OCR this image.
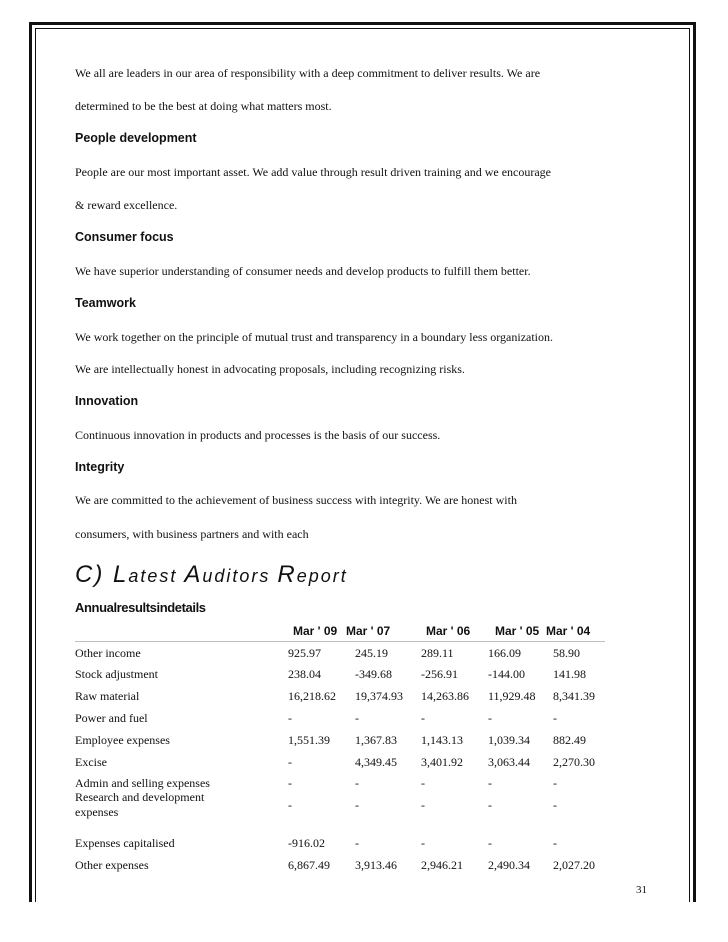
We all are leaders in our area of responsibility with a deep commitment to deliver results. We are

determined to be the best at doing what matters most.

People development

People are our most important asset. We add value through result driven training and we encourage

& reward excellence.

Consumer focus

We have superior understanding of consumer needs and develop products to fulfill them better.

Teamwork

We work together on the principle of mutual trust and transparency in a boundary less organization.

We are intellectually honest in advocating proposals, including recognizing risks.

Innovation

Continuous innovation in products and processes is the basis of our success.

Integrity

We are committed to the achievement of business success with integrity. We are honest with

consumers, with business partners and with each

C) Latest Auditors Report
Annualresultsindetails
Mar ' 09 Mar ' 07	Mar ' 06 Mar ' 05 Mar ' 04
Other income	925.97	245.19	289.11	166.09	58.90
Stock adjustment	238.04	-349.68 -256.91	-144.00 141.98
Raw material	16,218.62 19,374.93 14,263.86 11,929.48 8,341.39
Power and fuel	-	-	-	-	-
Employee expenses	1,551.39 1,367.83 1,143.13 1,039.34 882.49
Excise	-	4,349.45 3,401.92 3,063.44 2,270.30
Admin and selling expenses	-	-	-	-	-
Research and development
expenses	-	-	-	-	-
Expenses capitalised	-916.02	-	-	-	-
Other expenses	6,867.49 3,913.46 2,946.21 2,490.34 2,027.20
31
